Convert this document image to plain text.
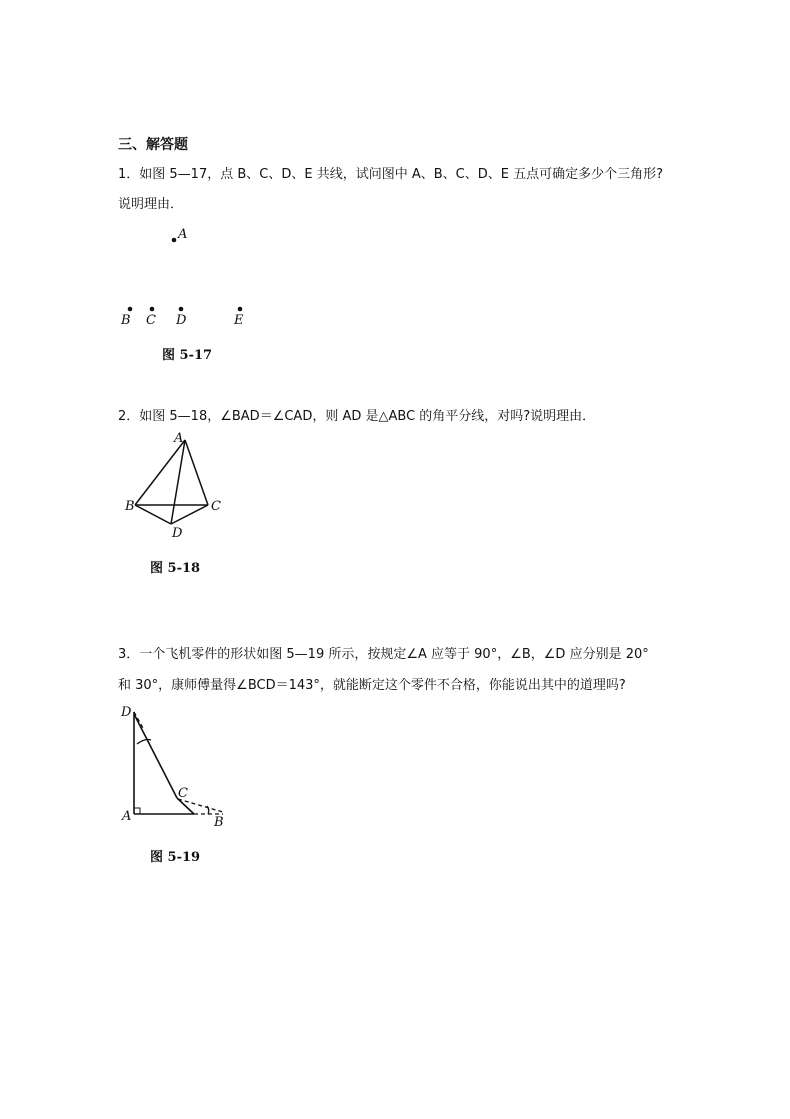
三、解答题
1．如图 5—17，点 B、C、D、E 共线，试问图中 A、B、C、D、E 五点可确定多少个三角形?
说明理由．
A
B C D	E
图 5-17
2．如图 5—18，∠BAD＝∠CAD，则 AD 是△ABC 的角平分线，对吗?说明理由．
A
B	C
D
图 5-18
3．一个飞机零件的形状如图 5—19 所示，按规定∠A 应等于 90°，∠B，∠D 应分别是 20°
和 30°，康师傅量得∠BCD＝143°，就能断定这个零件不合格，你能说出其中的道理吗?
D
C
A	B
图 5-19
